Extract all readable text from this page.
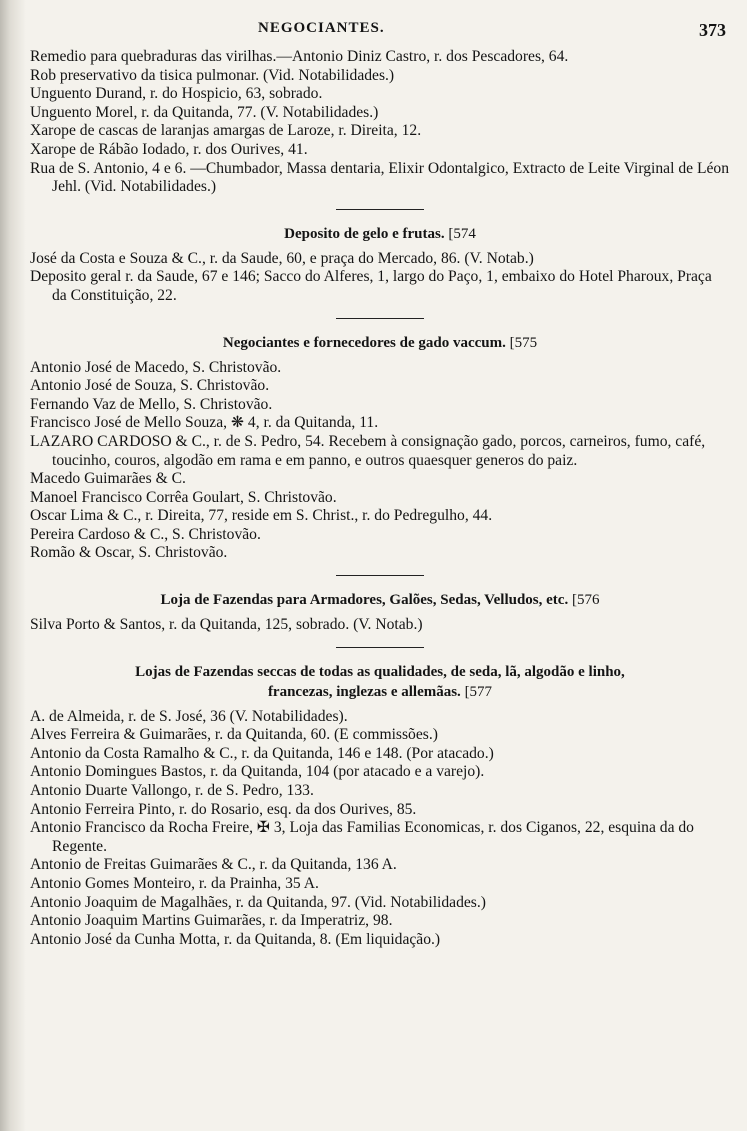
NEGOCIANTES.	373
Remedio para quebraduras das virilhas.—Antonio Diniz Castro, r. dos Pescadores, 64.
Rob preservativo da tisica pulmonar. (Vid. Notabilidades.)
Unguento Durand, r. do Hospicio, 63, sobrado.
Unguento Morel, r. da Quitanda, 77. (V. Notabilidades.)
Xarope de cascas de laranjas amargas de Laroze, r. Direita, 12.
Xarope de Rábão Iodado, r. dos Ourives, 41.
Rua de S. Antonio, 4 e 6. —Chumbador, Massa dentaria, Elixir Odontalgico, Extracto de Leite Virginal de Léon Jehl. (Vid. Notabilidades.)
Deposito de gelo e frutas. [574
José da Costa e Souza & C., r. da Saude, 60, e praça do Mercado, 86. (V. Notab.)
Deposito geral r. da Saude, 67 e 146; Sacco do Alferes, 1, largo do Paço, 1, embaixo do Hotel Pharoux, Praça da Constituição, 22.
Negociantes e fornecedores de gado vaccum. [575
Antonio José de Macedo, S. Christovão.
Antonio José de Souza, S. Christovão.
Fernando Vaz de Mello, S. Christovão.
Francisco José de Mello Souza, ❋ 4, r. da Quitanda, 11.
LAZARO CARDOSO & C., r. de S. Pedro, 54. Recebem à consignação gado, porcos, carneiros, fumo, café, toucinho, couros, algodão em rama e em panno, e outros quaesquer generos do paiz.
Macedo Guimarães & C.
Manoel Francisco Corrêa Goulart, S. Christovão.
Oscar Lima & C., r. Direita, 77, reside em S. Christ., r. do Pedregulho, 44.
Pereira Cardoso & C., S. Christovão.
Romão & Oscar, S. Christovão.
Loja de Fazendas para Armadores, Galões, Sedas, Velludos, etc. [576
Silva Porto & Santos, r. da Quitanda, 125, sobrado. (V. Notab.)
Lojas de Fazendas seccas de todas as qualidades, de seda, lã, algodão e linho,
francezas, inglezas e allemãas. [577
A. de Almeida, r. de S. José, 36 (V. Notabilidades).
Alves Ferreira & Guimarães, r. da Quitanda, 60. (E commissões.)
Antonio da Costa Ramalho & C., r. da Quitanda, 146 e 148. (Por atacado.)
Antonio Domingues Bastos, r. da Quitanda, 104 (por atacado e a varejo).
Antonio Duarte Vallongo, r. de S. Pedro, 133.
Antonio Ferreira Pinto, r. do Rosario, esq. da dos Ourives, 85.
Antonio Francisco da Rocha Freire, ✠ 3, Loja das Familias Economicas, r. dos Ciganos, 22, esquina da do Regente.
Antonio de Freitas Guimarães & C., r. da Quitanda, 136 A.
Antonio Gomes Monteiro, r. da Prainha, 35 A.
Antonio Joaquim de Magalhães, r. da Quitanda, 97. (Vid. Notabilidades.)
Antonio Joaquim Martins Guimarães, r. da Imperatriz, 98.
Antonio José da Cunha Motta, r. da Quitanda, 8. (Em liquidação.)
